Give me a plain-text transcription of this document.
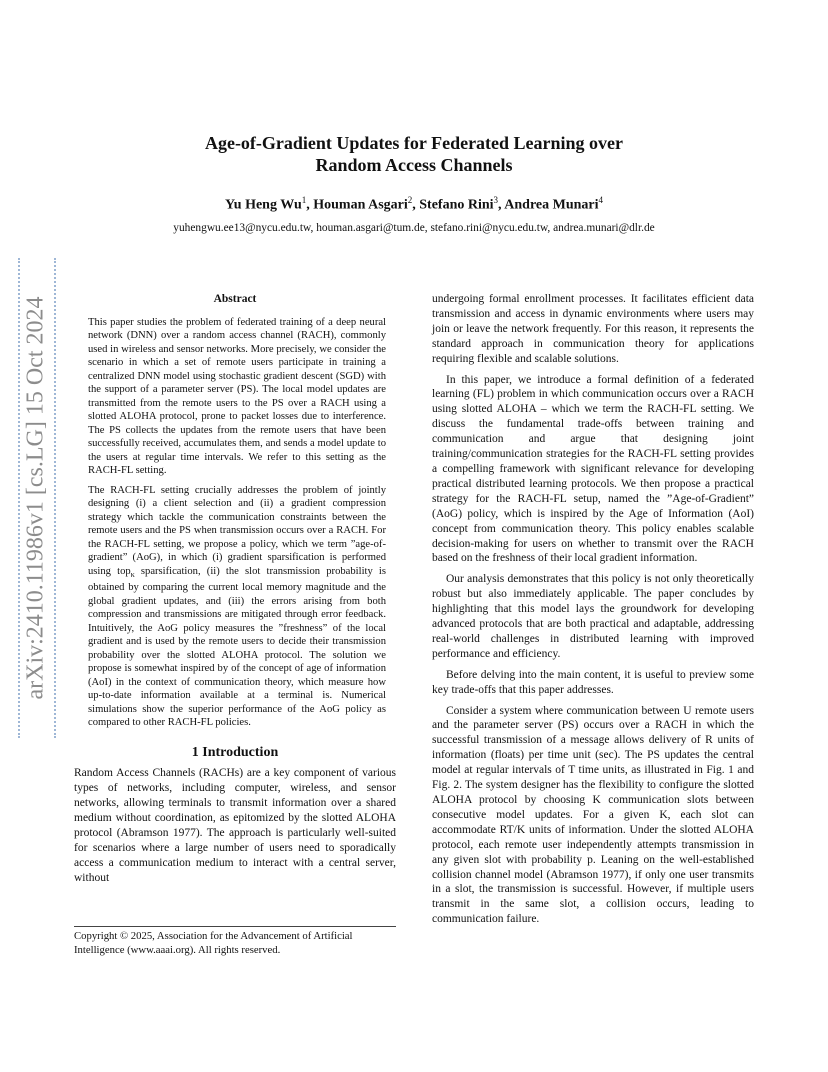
arXiv:2410.11986v1 [cs.LG] 15 Oct 2024
Age-of-Gradient Updates for Federated Learning over
Random Access Channels
Yu Heng Wu$^1$, Houman Asgari$^2$, Stefano Rini$^3$, Andrea Munari$^4$
yuhengwu.ee13@nycu.edu.tw, houman.asgari@tum.de, stefano.rini@nycu.edu.tw, andrea.munari@dlr.de
Abstract

This paper studies the problem of federated training of a deep neural network (DNN) over a random access channel (RACH), commonly used in wireless and sensor networks. More precisely, we consider the scenario in which a set of remote users participate in training a centralized DNN model using stochastic gradient descent (SGD) with the support of a parameter server (PS). The local model updates are transmitted from the remote users to the PS over a RACH using a slotted ALOHA protocol, prone to packet losses due to interference. The PS collects the updates from the remote users that have been successfully received, accumulates them, and sends a model update to the users at regular time intervals. We refer to this setting as the RACH-FL setting.

The RACH-FL setting crucially addresses the problem of jointly designing (i) a client selection and (ii) a gradient compression strategy which tackle the communication constraints between the remote users and the PS when transmission occurs over a RACH. For the RACH-FL setting, we propose a policy, which we term ”age-of-gradient” (AoG), in which (i) gradient sparsification is performed using top$_\kappa$ sparsification, (ii) the slot transmission probability is obtained by comparing the current local memory magnitude and the global gradient updates, and (iii) the errors arising from both compression and transmissions are mitigated through error feedback. Intuitively, the AoG policy measures the ”freshness” of the local gradient and is used by the remote users to decide their transmission probability over the slotted ALOHA protocol. The solution we propose is somewhat inspired by of the concept of age of information (AoI) in the context of communication theory, which measure how up-to-date information available at a terminal is. Numerical simulations show the superior performance of the AoG policy as compared to other RACH-FL policies.

1 Introduction

Random Access Channels (RACHs) are a key component of various types of networks, including computer, wireless, and sensor networks, allowing terminals to transmit information over a shared medium without coordination, as epitomized by the slotted ALOHA protocol (Abramson 1977). The approach is particularly well-suited for scenarios where a large number of users need to sporadically access a communication medium to interact with a central server, without

Copyright © 2025, Association for the Advancement of Artificial Intelligence (www.aaai.org). All rights reserved.

undergoing formal enrollment processes. It facilitates efficient data transmission and access in dynamic environments where users may join or leave the network frequently. For this reason, it represents the standard approach in communication theory for applications requiring flexible and scalable solutions.

In this paper, we introduce a formal definition of a federated learning (FL) problem in which communication occurs over a RACH using slotted ALOHA – which we term the RACH-FL setting. We discuss the fundamental trade-offs between training and communication and argue that designing joint training/communication strategies for the RACH-FL setting provides a compelling framework with significant relevance for developing practical distributed learning protocols. We then propose a practical strategy for the RACH-FL setup, named the ”Age-of-Gradient” (AoG) policy, which is inspired by the Age of Information (AoI) concept from communication theory. This policy enables scalable decision-making for users on whether to transmit over the RACH based on the freshness of their local gradient information.

Our analysis demonstrates that this policy is not only theoretically robust but also immediately applicable. The paper concludes by highlighting that this model lays the groundwork for developing advanced protocols that are both practical and adaptable, addressing real-world challenges in distributed learning with improved performance and efficiency.

Before delving into the main content, it is useful to preview some key trade-offs that this paper addresses.

Consider a system where communication between U remote users and the parameter server (PS) occurs over a RACH in which the successful transmission of a message allows delivery of R units of information (floats) per time unit (sec). The PS updates the central model at regular intervals of T time units, as illustrated in Fig. 1 and Fig. 2. The system designer has the flexibility to configure the slotted ALOHA protocol by choosing K communication slots between consecutive model updates. For a given K, each slot can accommodate RT/K units of information. Under the slotted ALOHA protocol, each remote user independently attempts transmission in any given slot with probability p. Leaning on the well-established collision channel model (Abramson 1977), if only one user transmits in a slot, the transmission is successful. However, if multiple users transmit in the same slot, a collision occurs, leading to communication failure.
